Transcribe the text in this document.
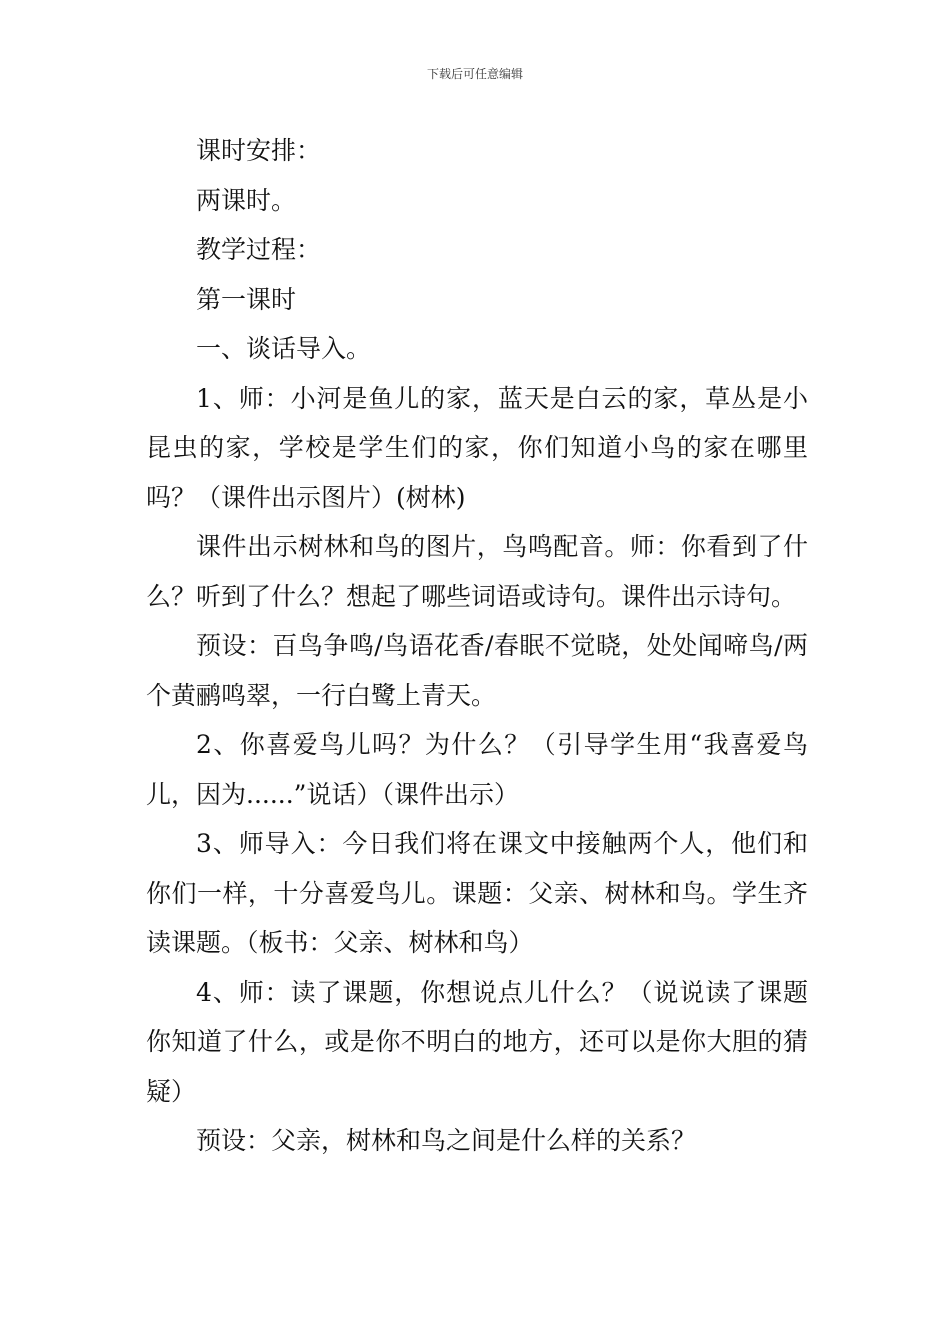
下载后可任意编辑

课时安排：

两课时。

教学过程：

第一课时

一、谈话导入。

1、师：小河是鱼儿的家，蓝天是白云的家，草丛是小昆虫的家，学校是学生们的家，你们知道小鸟的家在哪里吗？（课件出示图片）(树林)

课件出示树林和鸟的图片，鸟鸣配音。师：你看到了什么？听到了什么？想起了哪些词语或诗句。课件出示诗句。

预设：百鸟争鸣/鸟语花香/春眠不觉晓，处处闻啼鸟/两个黄鹂鸣翠，一行白鹭上青天。

2、你喜爱鸟儿吗？为什么？（引导学生用“我喜爱鸟儿，因为......”说话）（课件出示）

3、师导入：今日我们将在课文中接触两个人，他们和你们一样，十分喜爱鸟儿。课题：父亲、树林和鸟。学生齐读课题。（板书：父亲、树林和鸟）

4、师：读了课题，你想说点儿什么？（说说读了课题你知道了什么，或是你不明白的地方，还可以是你大胆的猜疑）

预设：父亲，树林和鸟之间是什么样的关系？
